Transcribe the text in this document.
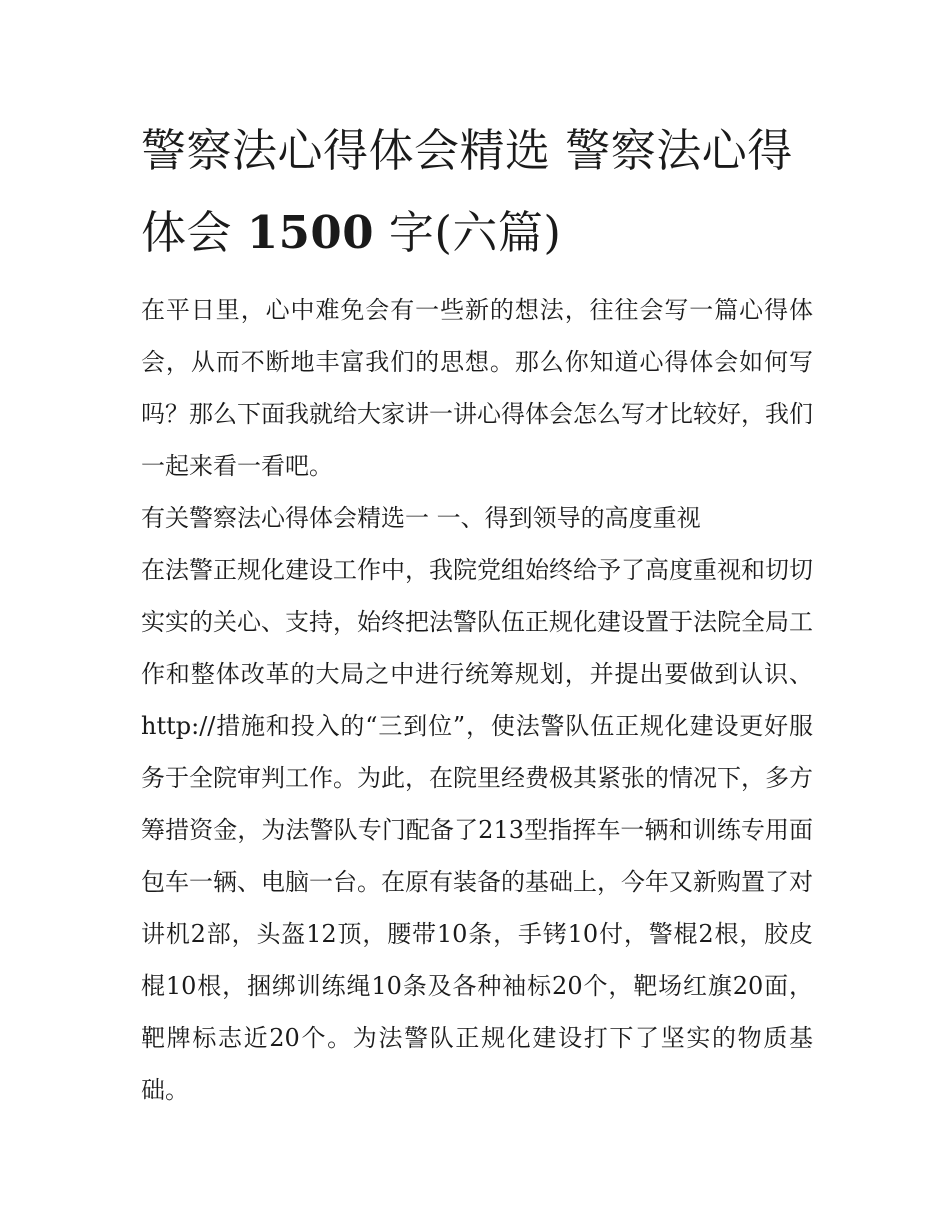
警察法心得体会精选 警察法心得体会 1500 字(六篇)

在平日里，心中难免会有一些新的想法，往往会写一篇心得体会，从而不断地丰富我们的思想。那么你知道心得体会如何写吗？那么下面我就给大家讲一讲心得体会怎么写才比较好，我们一起来看一看吧。

有关警察法心得体会精选一 一、得到领导的高度重视

在法警正规化建设工作中，我院党组始终给予了高度重视和切切实实的关心、支持，始终把法警队伍正规化建设置于法院全局工作和整体改革的大局之中进行统筹规划，并提出要做到认识、http://措施和投入的“三到位”，使法警队伍正规化建设更好服务于全院审判工作。为此，在院里经费极其紧张的情况下，多方筹措资金，为法警队专门配备了213型指挥车一辆和训练专用面包车一辆、电脑一台。在原有装备的基础上，今年又新购置了对讲机2部，头盔12顶，腰带10条，手铐10付，警棍2根，胶皮棍10根，捆绑训练绳10条及各种袖标20个，靶场红旗20面，靶牌标志近20个。为法警队正规化建设打下了坚实的物质基础。
